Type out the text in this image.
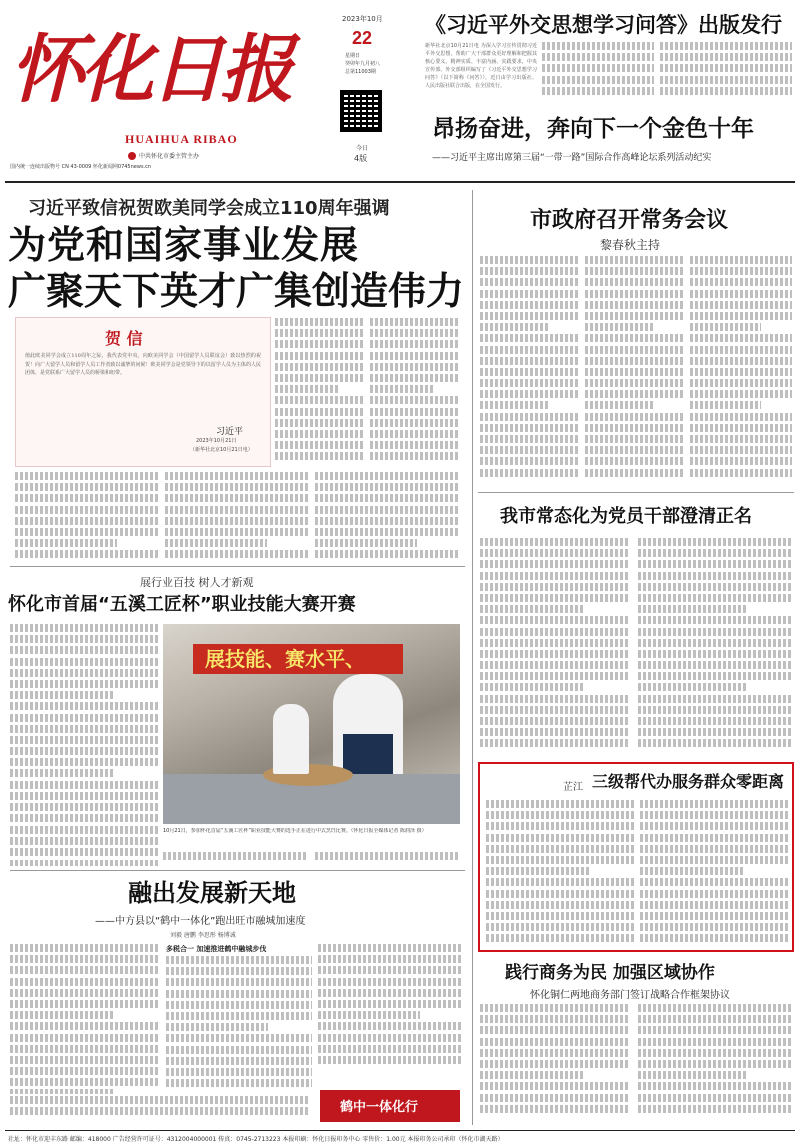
怀化日报
HUAIHUA RIBAO
中共怀化市委主管主办
国内统一连续出版物号 CN 43-0009 怀化新闻网0745news.cn
2023年10月
22
星期日
癸卯年九月初八
总第11003期
今日
4版
《习近平外交思想学习问答》出版发行
新华社北京10月21日电 为深入学习宣传贯彻习近平外交思想，帮助广大干部群众更好理解和把握其核心要义、精神实质、丰富内涵、实践要求，中央宣传部、外交部组织编写了《习近平外交思想学习问答》（以下简称《问答》），近日由学习出版社、人民出版社联合出版，在全国发行。
昂扬奋进，奔向下一个金色十年
——习近平主席出席第三届“一带一路”国际合作高峰论坛系列活动纪实
习近平致信祝贺欧美同学会成立110周年强调
为党和国家事业发展
广聚天下英才广集创造伟力
贺 信
值此欧美同学会成立110周年之际，我代表党中央，向欧美同学会（中国留学人员联谊会）致以热烈的祝贺！向广大留学人员和留学人员工作者致以诚挚的问候！欧美同学会是党领导下的以留学人员为主体的人民团体，是党联系广大留学人员的桥梁和纽带。
习近平
2023年10月21日
（新华社北京10月21日电）
展行业百技 树人才新观
怀化市首届“五溪工匠杯”职业技能大赛开赛
展技能、赛水平、
10月21日，参加怀化首届“五溪工匠杯”职业技能大赛的选手正在进行中式烹饪比赛。（怀化日报全媒体记者 陈润泽 摄）
融出发展新天地
——中方县以“鹤中一体化”跑出旺市融城加速度
刘毅 唐鹏 李思彤 杨博诚
多税合一 加速推进鹤中融城步伐
鹤中一体化行
市政府召开常务会议
黎春秋主持
我市常态化为党员干部澄清正名
芷江 三级帮代办服务群众零距离
践行商务为民 加强区域协作
怀化铜仁两地商务部门签订战略合作框架协议
社址：怀化市迎丰东路 邮编：418000 广告经营许可证号：4312004000001 传真：0745-2713223 本报印刷：怀化日报印务中心 零售价：1.00元 本报印务公司承印（怀化市湖天路）
